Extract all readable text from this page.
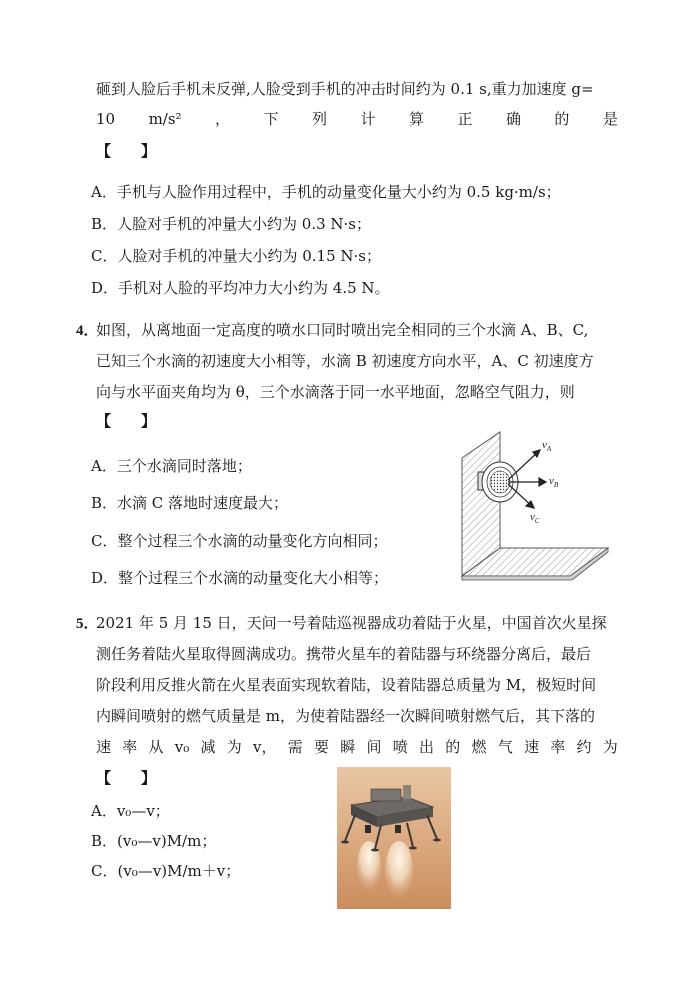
砸到人脸后手机未反弹,人脸受到手机的冲击时间约为 0.1 s,重力加速度 g=
10 m/s² ， 下 列 计 算 正 确 的 是
【　　】
A．手机与人脸作用过程中，手机的动量变化量大小约为 0.5 kg·m/s；
B．人脸对手机的冲量大小约为 0.3 N·s；
C．人脸对手机的冲量大小约为 0.15 N·s；
D．手机对人脸的平均冲力大小约为 4.5 N。
4．
如图，从离地面一定高度的喷水口同时喷出完全相同的三个水滴 A、B、C,
已知三个水滴的初速度大小相等，水滴 B 初速度方向水平，A、C 初速度方
向与水平面夹角均为 θ，三个水滴落于同一水平地面，忽略空气阻力，则
【　　】
A．三个水滴同时落地；
B．水滴 C 落地时速度最大；
C．整个过程三个水滴的动量变化方向相同；
D．整个过程三个水滴的动量变化大小相等；
$v_A$
$v_B$
$v_C$
5．
2021 年 5 月 15 日，天问一号着陆巡视器成功着陆于火星，中国首次火星探
测任务着陆火星取得圆满成功。携带火星车的着陆器与环绕器分离后，最后
阶段利用反推火箭在火星表面实现软着陆，设着陆器总质量为 M，极短时间
内瞬间喷射的燃气质量是 m，为使着陆器经一次瞬间喷射燃气后，其下落的
速 率 从 v₀ 减 为 v， 需 要 瞬 间 喷 出 的 燃 气 速 率 约 为
【　　】
A．v₀—v；
B．(v₀—v)M/m；
C．(v₀—v)M/m＋v；
